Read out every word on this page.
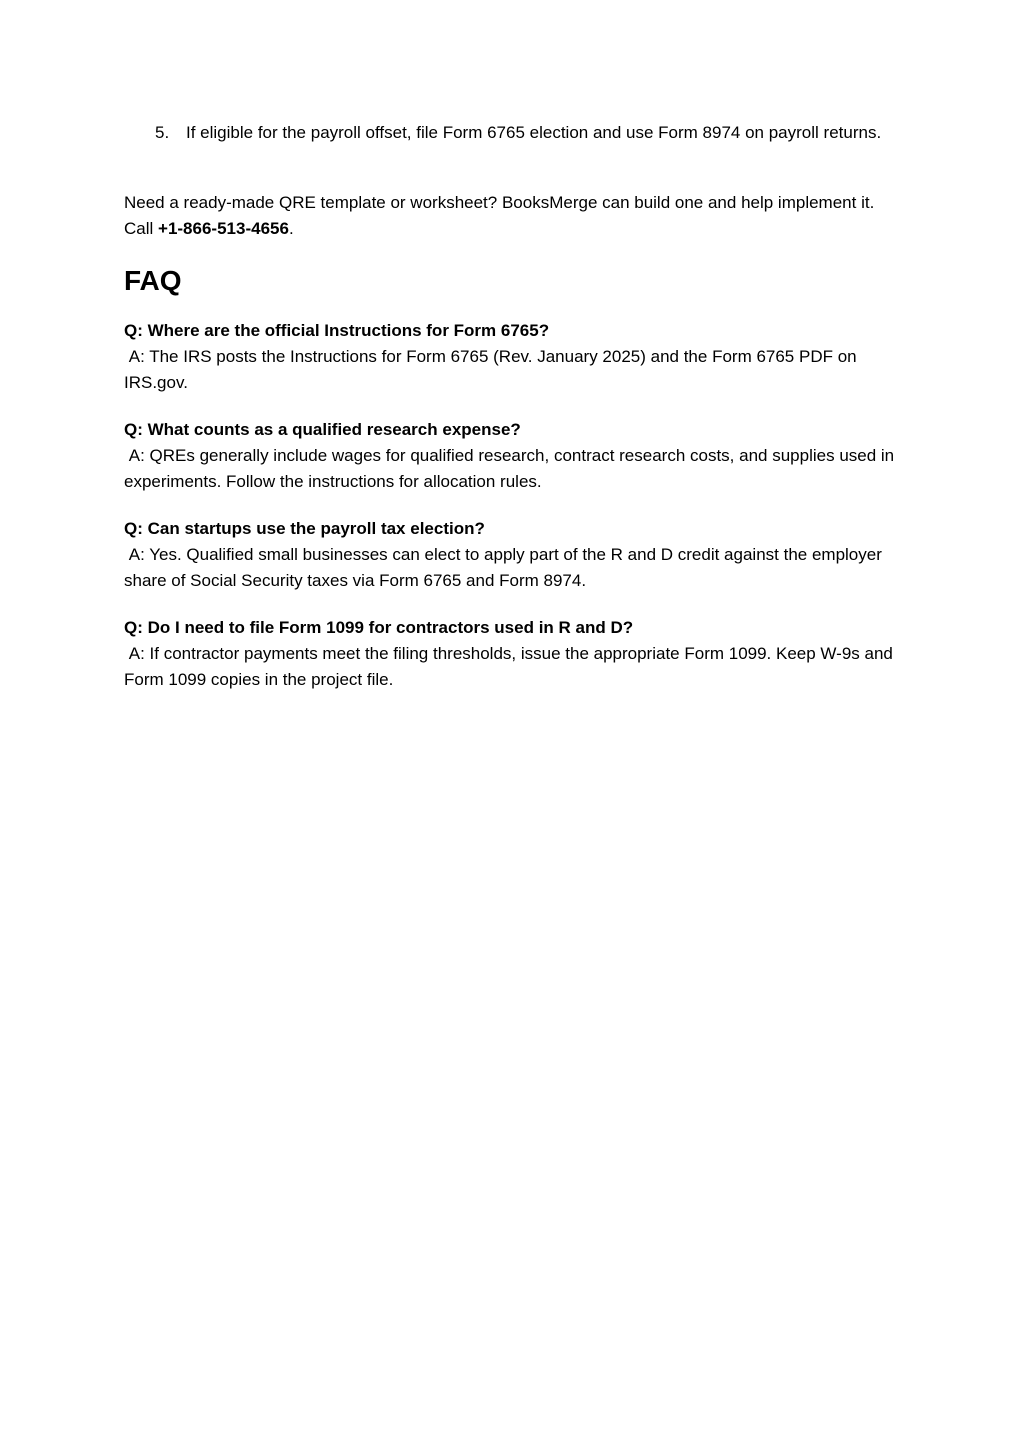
5. If eligible for the payroll offset, file Form 6765 election and use Form 8974 on payroll returns.
Need a ready-made QRE template or worksheet? BooksMerge can build one and help implement it. Call +1-866-513-4656.
FAQ
Q: Where are the official Instructions for Form 6765?
A: The IRS posts the Instructions for Form 6765 (Rev. January 2025) and the Form 6765 PDF on IRS.gov.
Q: What counts as a qualified research expense?
A: QREs generally include wages for qualified research, contract research costs, and supplies used in experiments. Follow the instructions for allocation rules.
Q: Can startups use the payroll tax election?
A: Yes. Qualified small businesses can elect to apply part of the R and D credit against the employer share of Social Security taxes via Form 6765 and Form 8974.
Q: Do I need to file Form 1099 for contractors used in R and D?
A: If contractor payments meet the filing thresholds, issue the appropriate Form 1099. Keep W-9s and Form 1099 copies in the project file.
